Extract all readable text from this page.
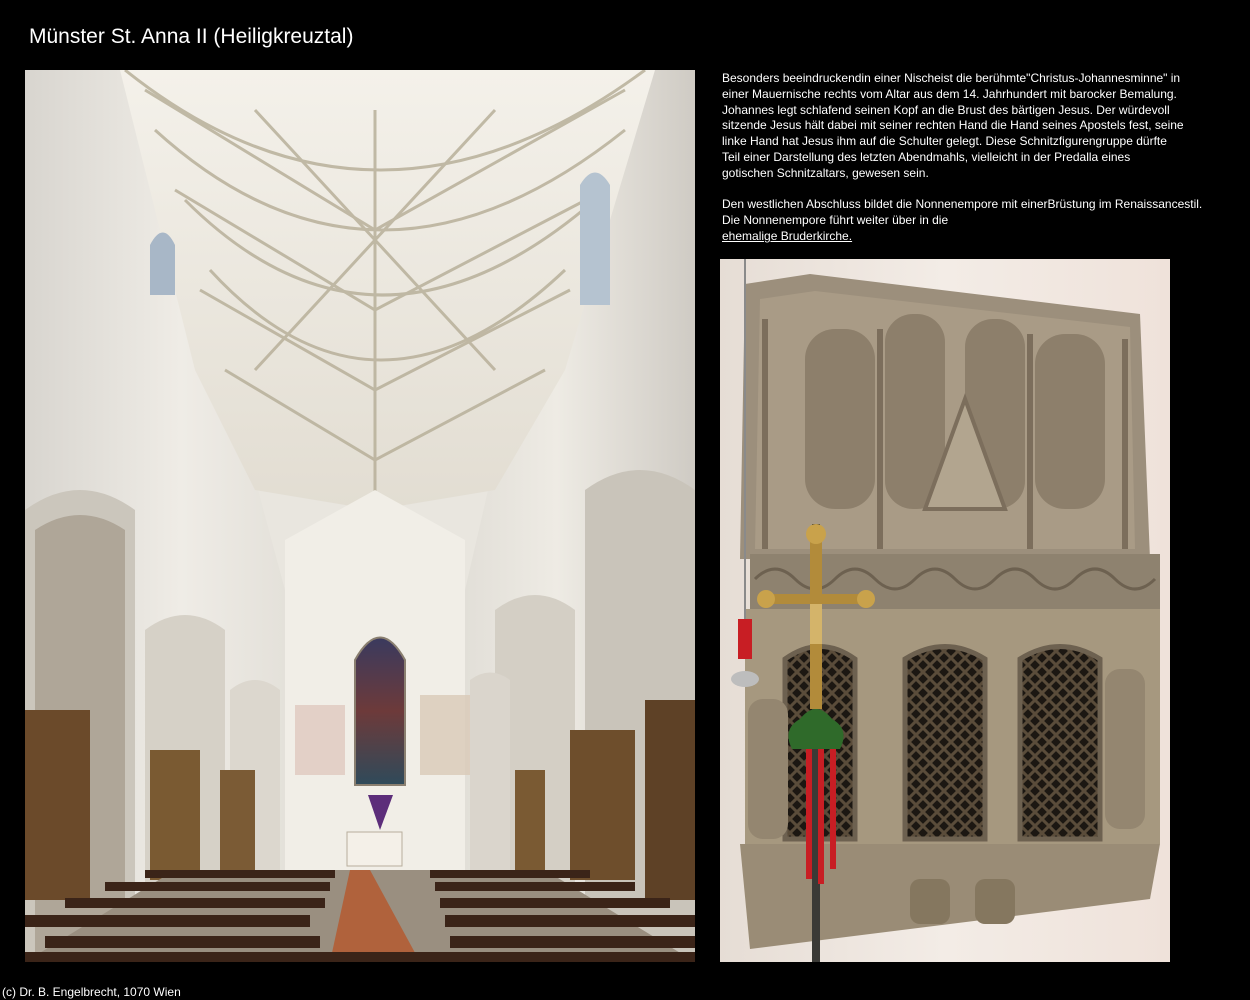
Münster St. Anna II (Heiligkreuztal)
Besonders beeindruckendin einer Nischeist die berühmte"Christus-Johannesminne" in
einer Mauernische rechts vom Altar aus dem 14. Jahrhundert mit barocker Bemalung.
Johannes legt schlafend seinen Kopf an die Brust des bärtigen Jesus. Der würdevoll
sitzende Jesus hält dabei mit seiner rechten Hand die Hand seines Apostels fest, seine
linke Hand hat Jesus ihm auf die Schulter gelegt. Diese Schnitzfigurengruppe dürfte
Teil einer Darstellung des letzten Abendmahls, vielleicht in der Predalla eines
gotischen Schnitzaltars, gewesen sein.
Den westlichen Abschluss bildet die Nonnenempore mit einerBrüstung im Renaissancestil.
Die Nonnenempore führt weiter über in die
ehemalige Bruderkirche.
(c) Dr. B. Engelbrecht, 1070 Wien
